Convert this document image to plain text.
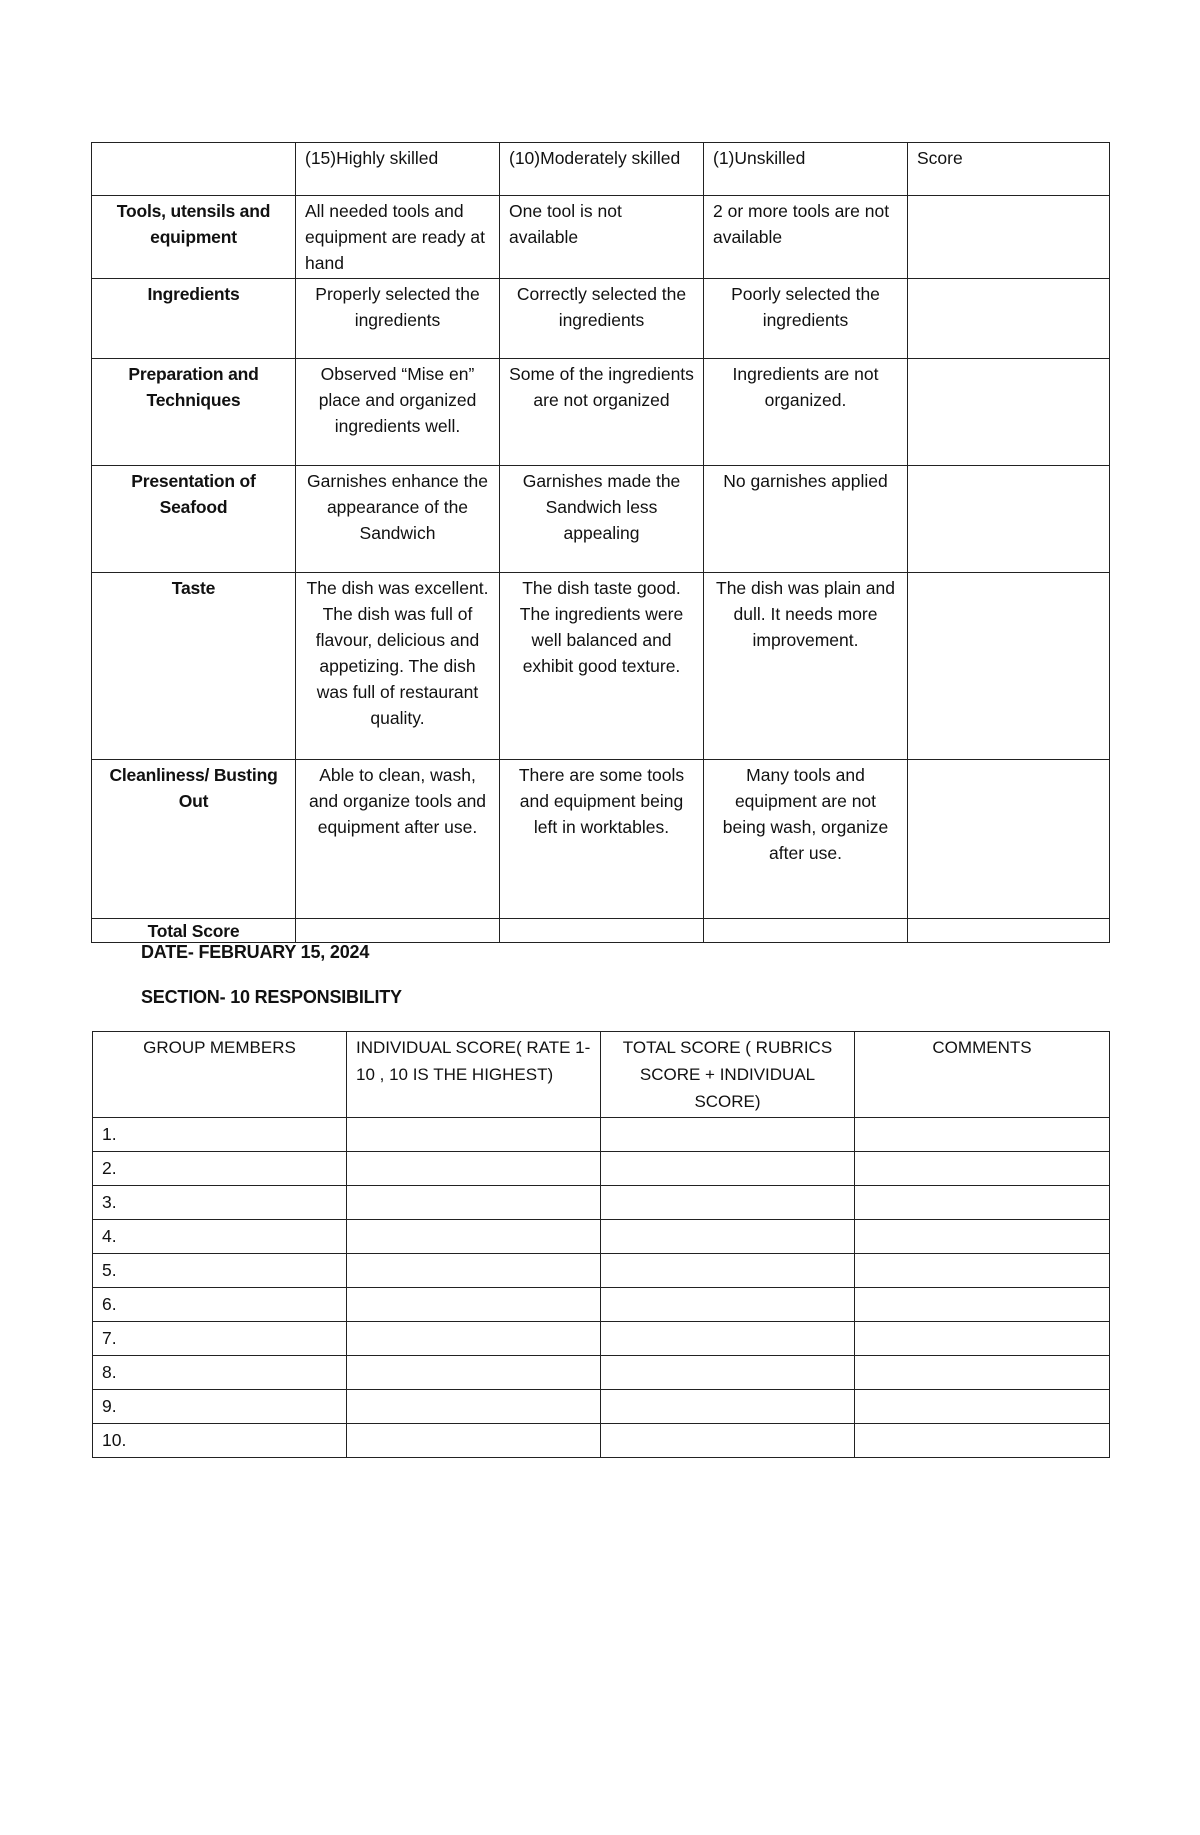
	(15)Highly skilled	(10)Moderately skilled	(1)Unskilled	Score
Tools, utensils and equipment	All needed tools and equipment are ready at hand	One tool is not available	2 or more tools are not available	
Ingredients	Properly selected the ingredients	Correctly selected the ingredients	Poorly selected the ingredients	
Preparation and Techniques	Observed “Mise en” place and organized ingredients well.	Some of the ingredients are not organized	Ingredients are not organized.	
Presentation of Seafood	Garnishes enhance the appearance of the Sandwich	Garnishes made the Sandwich less appealing	No garnishes applied	
Taste	The dish was excellent. The dish was full of flavour, delicious and appetizing. The dish was full of restaurant quality.	The dish taste good. The ingredients were well balanced and exhibit good texture.	The dish was plain and dull. It needs more improvement.	
Cleanliness/ Busting Out	Able to clean, wash, and organize tools and equipment after use.	There are some tools and equipment being left in worktables.	Many tools and equipment are not being wash, organize after use.	
Total Score				
DATE- FEBRUARY 15, 2024
SECTION- 10 RESPONSIBILITY
GROUP MEMBERS	INDIVIDUAL SCORE( RATE 1-10 , 10 IS THE HIGHEST)	TOTAL SCORE ( RUBRICS SCORE + INDIVIDUAL SCORE)	COMMENTS
1.			
2.			
3.			
4.			
5.			
6.			
7.			
8.			
9.			
10.			
